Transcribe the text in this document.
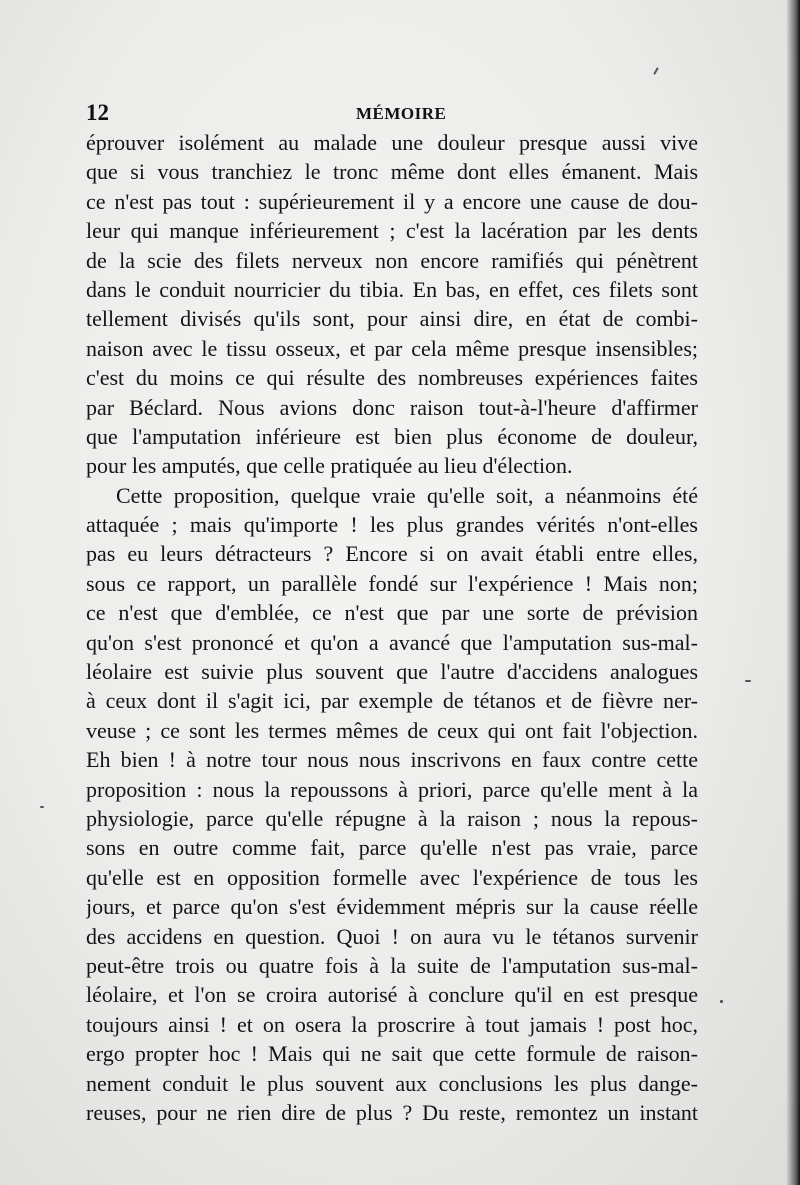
12	MÉMOIRE
éprouver isolément au malade une douleur presque aussi vive
que si vous tranchiez le tronc même dont elles émanent. Mais
ce n'est pas tout : supérieurement il y a encore une cause de dou-
leur qui manque inférieurement ; c'est la lacération par les dents
de la scie des filets nerveux non encore ramifiés qui pénètrent
dans le conduit nourricier du tibia. En bas, en effet, ces filets sont
tellement divisés qu'ils sont, pour ainsi dire, en état de combi-
naison avec le tissu osseux, et par cela même presque insensibles;
c'est du moins ce qui résulte des nombreuses expériences faites
par Béclard. Nous avions donc raison tout-à-l'heure d'affirmer
que l'amputation inférieure est bien plus économe de douleur,
pour les amputés, que celle pratiquée au lieu d'élection.
Cette proposition, quelque vraie qu'elle soit, a néanmoins été
attaquée ; mais qu'importe ! les plus grandes vérités n'ont-elles
pas eu leurs détracteurs ? Encore si on avait établi entre elles,
sous ce rapport, un parallèle fondé sur l'expérience ! Mais non;
ce n'est que d'emblée, ce n'est que par une sorte de prévision
qu'on s'est prononcé et qu'on a avancé que l'amputation sus-mal-
léolaire est suivie plus souvent que l'autre d'accidens analogues
à ceux dont il s'agit ici, par exemple de tétanos et de fièvre ner-
veuse ; ce sont les termes mêmes de ceux qui ont fait l'objection.
Eh bien ! à notre tour nous nous inscrivons en faux contre cette
proposition : nous la repoussons à priori, parce qu'elle ment à la
physiologie, parce qu'elle répugne à la raison ; nous la repous-
sons en outre comme fait, parce qu'elle n'est pas vraie, parce
qu'elle est en opposition formelle avec l'expérience de tous les
jours, et parce qu'on s'est évidemment mépris sur la cause réelle
des accidens en question. Quoi ! on aura vu le tétanos survenir
peut-être trois ou quatre fois à la suite de l'amputation sus-mal-
léolaire, et l'on se croira autorisé à conclure qu'il en est presque
toujours ainsi ! et on osera la proscrire à tout jamais ! post hoc,
ergo propter hoc ! Mais qui ne sait que cette formule de raison-
nement conduit le plus souvent aux conclusions les plus dange-
reuses, pour ne rien dire de plus ? Du reste, remontez un instant
